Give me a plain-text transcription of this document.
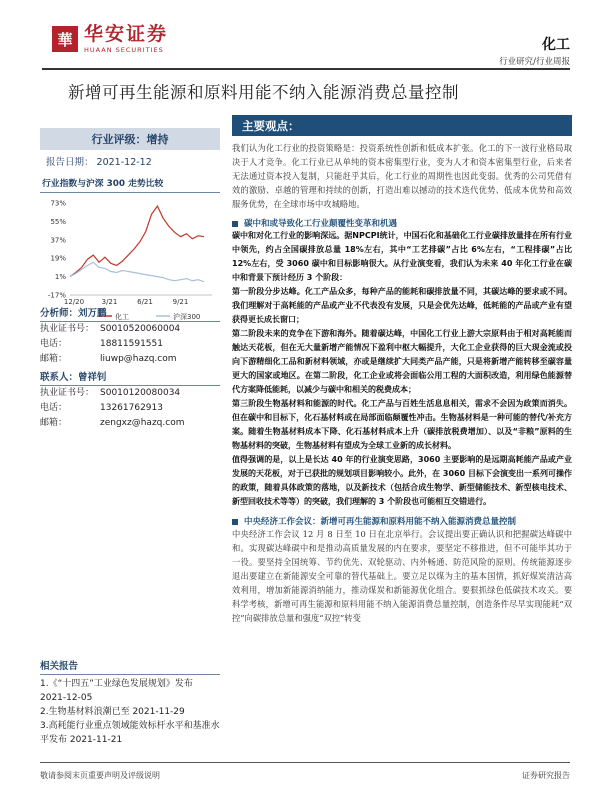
華 华安证券
HUAAN SECURITIES	化工
行业研究/行业周报
新增可再生能源和原料用能不纳入能源消费总量控制
行业评级：增持
报告日期： 2021-12-12
行业指数与沪深 300 走势比较
73%
55%
37%
19%
1%
-17%
12/20	3/21	6/21	9/21
化工	沪深300
分析师：刘万鹏
执业证书号： S0010520060004
电话：	18811591551
邮箱：	liuwp@hazq.com
联系人：曾祥钊
执业证书号： S0010120080034
电话：	13261762913
邮箱：	zengxz@hazq.com
相关报告
1.《“十四五”工业绿色发展规划》发布 2021-12-05
2.生物基材料浪潮已至 2021-11-29
3.高耗能行业重点领域能效标杆水平和基准水平发布 2021-11-21
主要观点：
我们认为化工行业的投资策略是：投资系统性创新和低成本扩张。化工的下一波行业格局取决于人才竞争。化工行业已从单纯的资本密集型行业，变为人才和资本密集型行业，后来者无法通过资本投入复制，只能赶乎其后，化工行业的周期性也因此变弱。优秀的公司凭借有效的激励、卓越的管理和持续的创新，打造出难以撼动的技术迭代优势、低成本优势和高效服务优势，在全球市场中攻城略地。
碳中和或导致化工行业颠覆性变革和机遇
碳中和对化工行业的影响深远。据NPCPI统计，中国石化和基础化工行业碳排放量排在所有行业中领先，约占全国碳排放总量 18%左右，其中“工艺排碳”占比 6%左右，“工程排碳”占比 12%左右，受 3060 碳中和目标影响很大。从行业演变看，我们认为未来 40 年化工行业在碳中和背景下预计经历 3 个阶段：
第一阶段分步达峰。化工产品众多，每种产品的能耗和碳排放量不同，其碳达峰的要求或不同。我们理解对于高耗能的产品或产业不代表没有发展，只是会优先达峰，低耗能的产品或产业有望获得更长成长窗口；
第二阶段未来的竞争在下游和海外。随着碳达峰，中国化工行业上游大宗原料由于相对高耗能而触达天花板，但在无大量新增产能情况下盈利中枢大幅提升，大化工企业获得的巨大现金流或投向下游精细化工品和新材料领域，亦或是继续扩大同类产品产能，只是将新增产能转移至碳容量更大的国家或地区。在第二阶段，化工企业或将会面临公用工程的大面积改造，利用绿色能源替代方案降低能耗，以减少与碳中和相关的税费成本；
第三阶段生物基材料和能源的时代。化工产品与百姓生活息息相关，需求不会因为政策而消失。但在碳中和目标下，化石基材料或在局部面临颠覆性冲击。生物基材料是一种可能的替代/补充方案。随着生物基材料成本下降、化石基材料成本上升（碳排放税费增加）、以及“非粮”原料的生物基材料的突破，生物基材料有望成为全球工业新的成长材料。
值得强调的是，以上是长达 40 年的行业演变思路，3060 主要影响的是远期高耗能产品或产业发展的天花板，对于已获批的规划项目影响较小。此外，在 3060 目标下会演变出一系列可操作的政策，随着具体政策的落地，以及新技术（包括合成生物学、新型储能技术、新型核电技术、新型回收技术等等）的突破，我们理解的 3 个阶段也可能相互交错进行。
中央经济工作会议：新增可再生能源和原料用能不纳入能源消费总量控制
中央经济工作会议 12 月 8 日至 10 日在北京举行。会议提出要正确认识和把握碳达峰碳中和。实现碳达峰碳中和是推动高质量发展的内在要求，要坚定不移推进，但不可能毕其功于一役。要坚持全国统筹、节约优先、双轮驱动、内外畅通、防范风险的原则。传统能源逐步退出要建立在新能源安全可靠的替代基础上。要立足以煤为主的基本国情，抓好煤炭清洁高效利用，增加新能源消纳能力，推动煤炭和新能源优化组合。要狠抓绿色低碳技术攻关。要科学考核，新增可再生能源和原料用能不纳入能源消费总量控制，创造条件尽早实现能耗“双控”向碳排放总量和强度“双控”转变
敬请参阅末页重要声明及评级说明	证券研究报告
